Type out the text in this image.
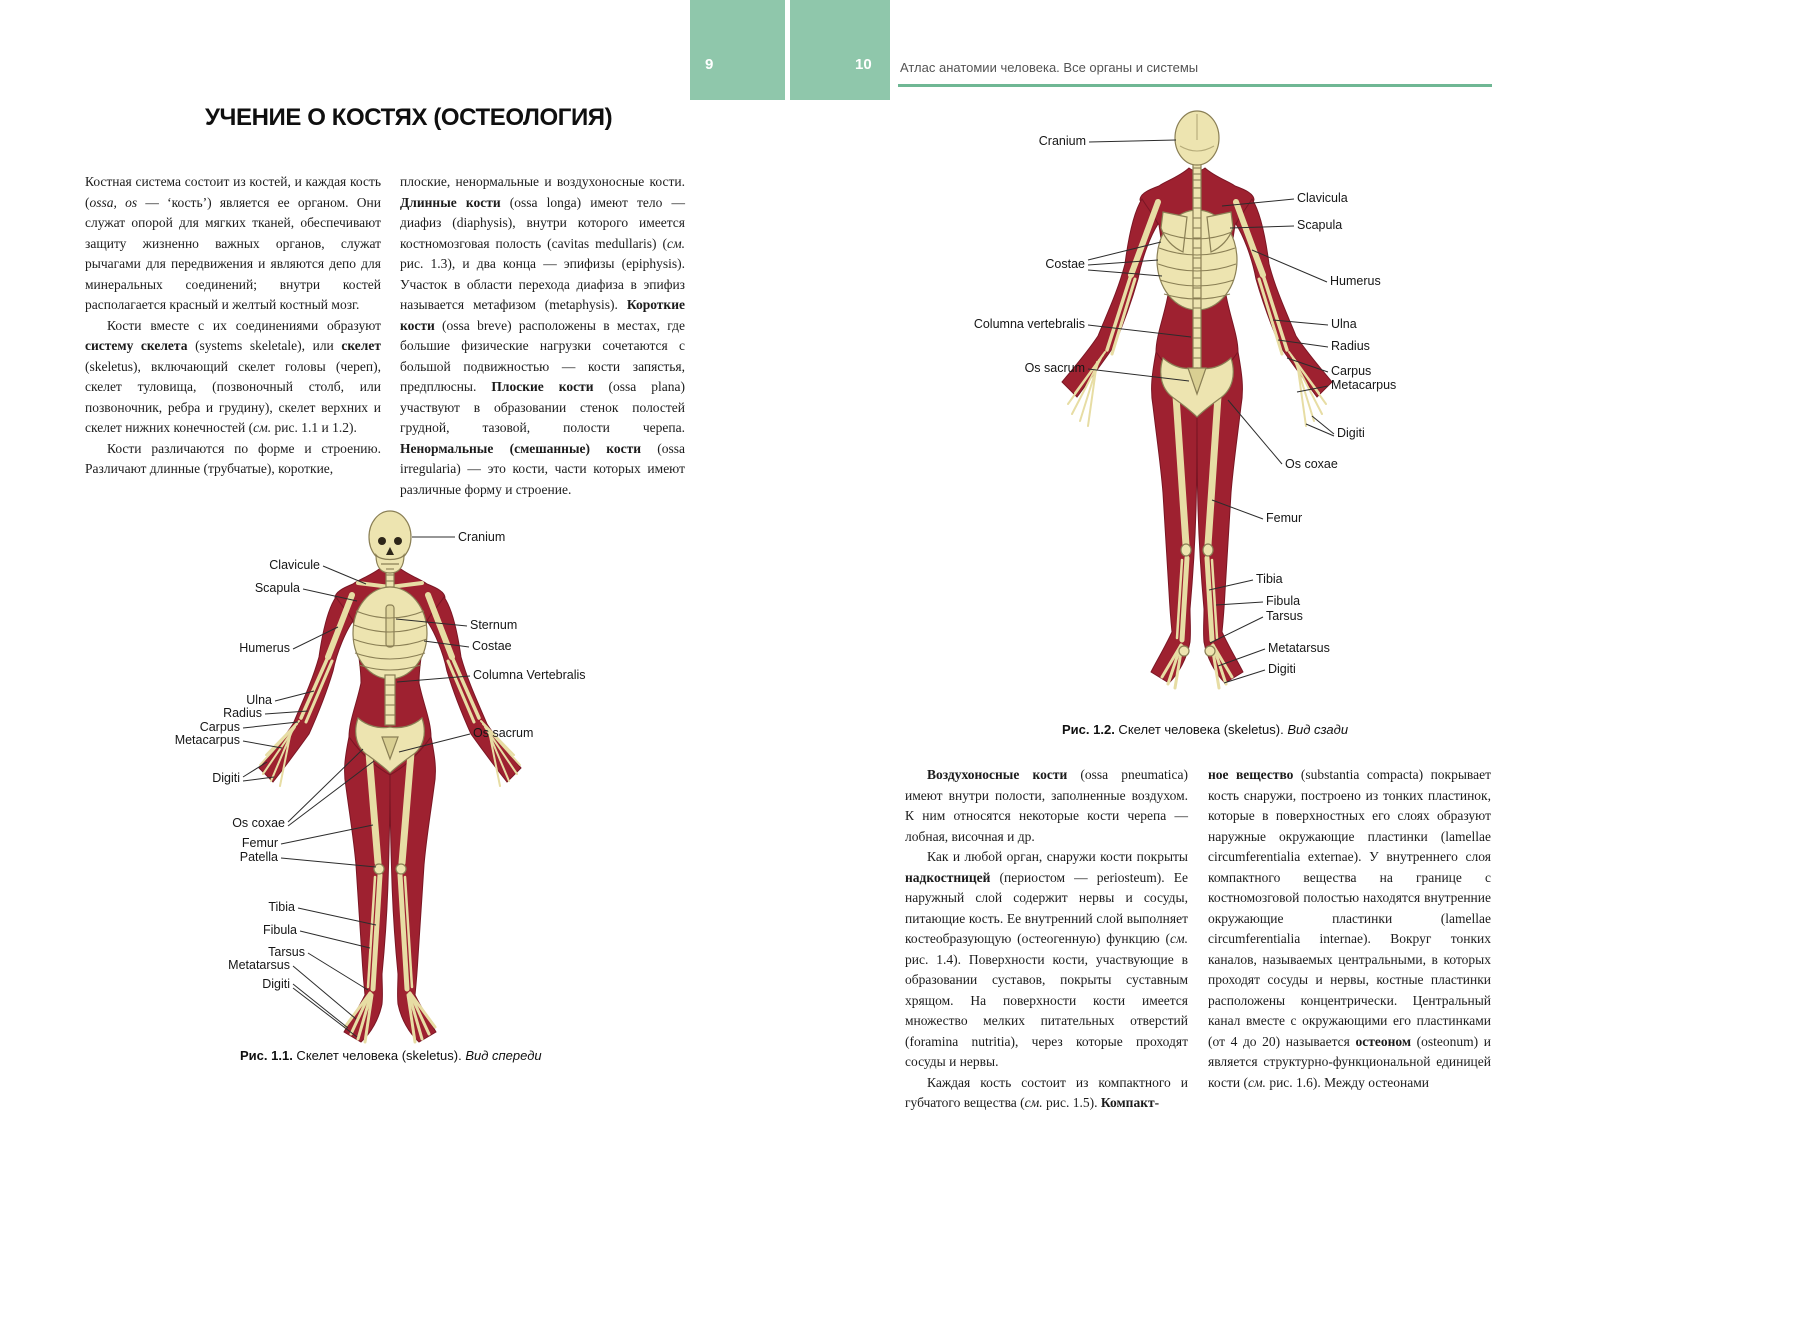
9	10 Атлас анатомии человека. Все органы и системы
УЧЕНИЕ О КОСТЯХ (ОСТЕОЛОГИЯ)

Костная система состоит из костей, и каждая кость (ossa, os — ‘кость’) является ее органом. Они служат опорой для мягких тканей, обеспечивают защиту жизненно важных органов, служат рычагами для передвижения и являются депо для минеральных соединений; внутри костей располагается красный и желтый костный мозг.

Кости вместе с их соединениями образуют систему скелета (systems skeletale), или скелет (skeletus), включающий скелет головы (череп), скелет туловища, (позвоночный столб, или позвоночник, ребра и грудину), скелет верхних и скелет нижних конечностей (см. рис. 1.1 и 1.2).

Кости различаются по форме и строению. Различают длинные (трубчатые), короткие,

плоские, ненормальные и воздухоносные кости. Длинные кости (ossa longa) имеют тело — диафиз (diaphysis), внутри которого имеется костномозговая полость (cavitas medullaris) (см. рис. 1.3), и два конца — эпифизы (epiphysis). Участок в области перехода диафиза в эпифиз называется метафизом (metaphysis). Короткие кости (ossa breve) расположены в местах, где большие физические нагрузки сочетаются с большой подвижностью — кости запястья, предплюсны. Плоские кости (ossa plana) участвуют в образовании стенок полостей грудной, тазовой, полости черепа. Ненормальные (смешанные) кости (ossa irregularia) — это кости, части которых имеют различные форму и строение.

Clavicule
Scapula
Humerus
Ulna
Radius
Carpus
Metacarpus
Digiti
Os coxae
Femur
Patella
Tibia
Fibula
Tarsus
Metatarsus
Digiti
Cranium
Sternum
Costae
Columna Vertebralis
Os sacrum
Рис. 1.1. Скелет человека (skeletus). Вид спереди
Cranium
Costae
Columna vertebralis
Os sacrum
Clavicula
Scapula
Humerus
Ulna
Radius
Carpus
Metacarpus
Digiti
Os coxae
Femur
Tibia
Fibula
Tarsus
Metatarsus
Digiti
Рис. 1.2. Скелет человека (skeletus). Вид сзади

Воздухоносные кости (ossa pneumatica) имеют внутри полости, заполненные воздухом. К ним относятся некоторые кости черепа — лобная, височная и др.

Как и любой орган, снаружи кости покрыты надкостницей (периостом — periosteum). Ее наружный слой содержит нервы и сосуды, питающие кость. Ее внутренний слой выполняет костеобразующую (остеогенную) функцию (см. рис. 1.4). Поверхности кости, участвующие в образовании суставов, покрыты суставным хрящом. На поверхности кости имеется множество мелких питательных отверстий (foramina nutritia), через которые проходят сосуды и нервы.

Каждая кость состоит из компактного и губчатого вещества (см. рис. 1.5). Компакт-

ное вещество (substantia compacta) покрывает кость снаружи, построено из тонких пластинок, которые в поверхностных его слоях образуют наружные окружающие пластинки (lamellae circumferentialia externae). У внутреннего слоя компактного вещества на границе с костномозговой полостью находятся внутренние окружающие пластинки (lamellae circumferentialia internae). Вокруг тонких каналов, называемых центральными, в которых проходят сосуды и нервы, костные пластинки расположены концентрически. Центральный канал вместе с окружающими его пластинками (от 4 до 20) называется остеоном (osteonum) и является структурно-функциональной единицей кости (см. рис. 1.6). Между остеонами
